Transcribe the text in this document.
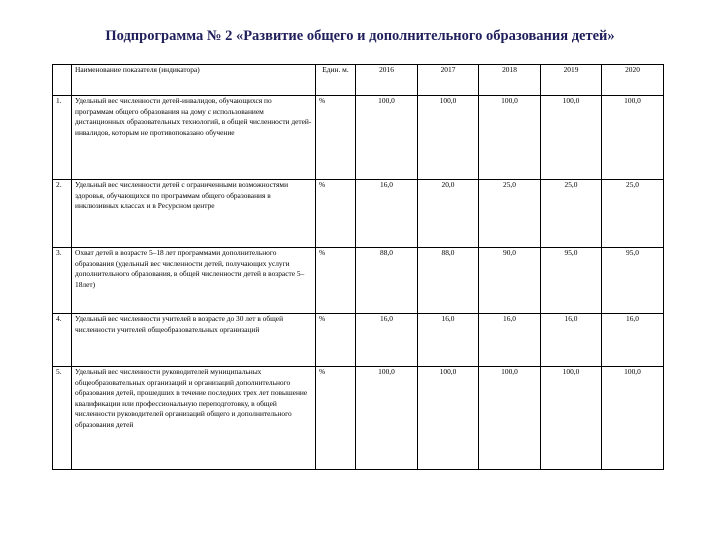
Подпрограмма № 2 «Развитие общего и дополнительного образования детей»
	Наименование показателя (индикатора)	Един. м.	2016	2017	2018	2019	2020
1.	Удельный вес численности детей-инвалидов, обучающихся по программам общего образования на дому с использованием дистанционных образовательных технологий, в общей численности детей-инвалидов, которым не противопоказано обучение	%	100,0	100,0	100,0	100,0	100,0
2.	Удельный вес численности детей с ограниченными возможностями здоровья, обучающихся по программам общего образования в инклюзивных классах и в Ресурсном центре	%	16,0	20,0	25,0	25,0	25,0
3.	Охват детей в возрасте 5–18 лет программами дополнительного образования (удельный вес численности детей, получающих услуги дополнительного образования, в общей численности детей в возрасте 5–18лет)	%	88,0	88,0	90,0	95,0	95,0
4.	Удельный вес численности учителей в возрасте до 30 лет в общей численности учителей общеобразовательных организаций	%	16,0	16,0	16,0	16,0	16,0
5.	Удельный вес численности руководителей муниципальных общеобразовательных организаций и организаций дополнительного образования детей, прошедших в течение последних трех лет повышение квалификации или профессиональную переподготовку, в общей численности руководителей организаций общего и дополнительного образования детей	%	100,0	100,0	100,0	100,0	100,0
